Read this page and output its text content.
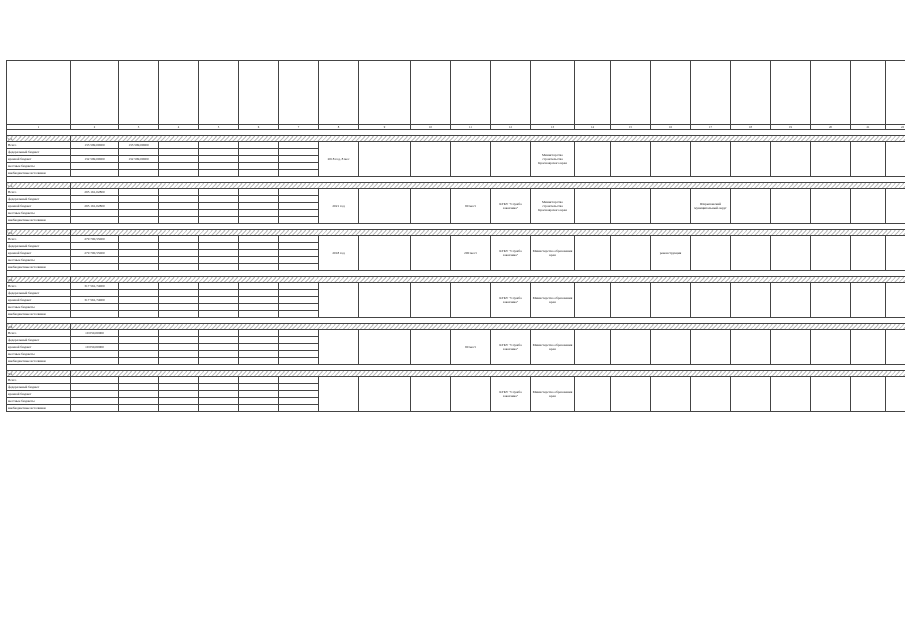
1	2	3	4	5	6	7	8	9	10	11	12	13	14	15	16	17	18	19	20	21	22

1.1.																					
Всего	133 599,00000	133 599,00000					2018 год, 8 мес					Министерство строительства Красноярского края									
федеральный бюджет																					
краевой бюджет	132 599,00000	132 599,00000																			
местные бюджеты																					
внебюджетные источники																					

1.1.																					
Всего	295 161,02800						2021 год			90 мест	КГКУ "Служба заказчика"	Министерство строительства Красноярского края				Шарыповский муниципальный округ					
федеральный бюджет																					
краевой бюджет	295 161,02800																				
местные бюджеты																					
внебюджетные источники																					

2.1.																					
Всего	279 700,55000						2018 год			200 мест	КГКУ "Служба заказчика"	Министерство образования края			реконструкция						
федеральный бюджет																					
краевой бюджет	279 700,55000																				
местные бюджеты																					
внебюджетные источники																					

2.2.																					
Всего	317 561,74000										КГКУ "Служба заказчика"	Министерство образования края									
федеральный бюджет																					
краевой бюджет	317 561,74000																				
местные бюджеты																					
внебюджетные источники																					

2.3.																					
Всего	19 050,00000									90 мест	КГКУ "Служба заказчика"	Министерство образования края									
федеральный бюджет																					
краевой бюджет	19 050,00000																				
местные бюджеты																					
внебюджетные источники																					

3.1.																					
Всего											КГКУ "Служба заказчика"	Министерство образования края									
федеральный бюджет																					
краевой бюджет																					
местные бюджеты																					
внебюджетные источники																					
